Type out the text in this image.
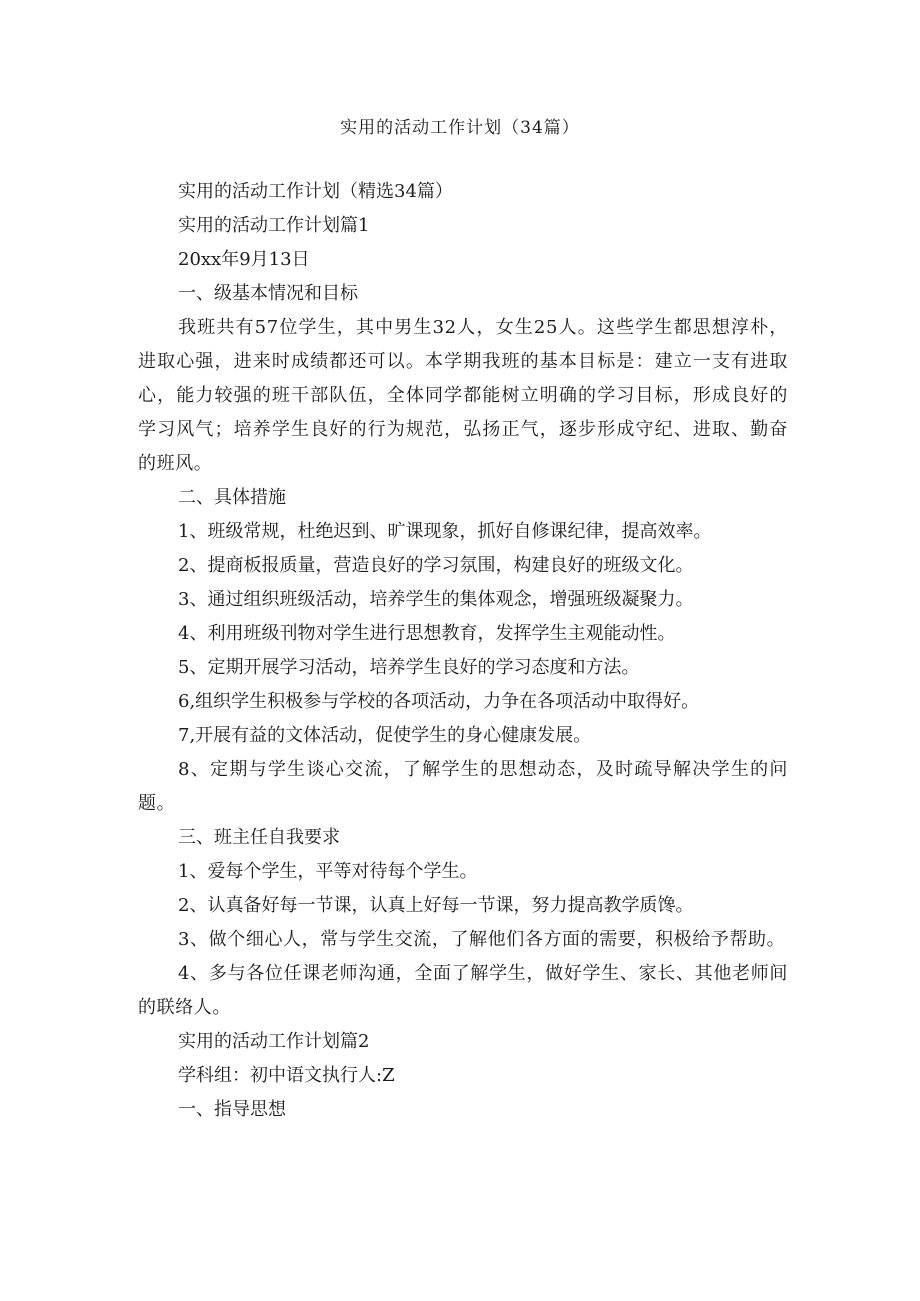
实用的活动工作计划（34篇）

实用的活动工作计划（精选34篇）

实用的活动工作计划篇1

20xx年9月13日

一、级基本情况和目标

我班共有57位学生，其中男生32人，女生25人。这些学生都思想淳朴，进取心强，进来时成绩都还可以。本学期我班的基本目标是：建立一支有进取心，能力较强的班干部队伍，全体同学都能树立明确的学习目标，形成良好的学习风气；培养学生良好的行为规范，弘扬正气，逐步形成守纪、进取、勤奋的班风。

二、具体措施

1、班级常规，杜绝迟到、旷课现象，抓好自修课纪律，提高效率。

2、提商板报质量，营造良好的学习氛围，构建良好的班级文化。

3、通过组织班级活动，培养学生的集体观念，增强班级凝聚力。

4、利用班级刊物对学生进行思想教育，发挥学生主观能动性。

5、定期开展学习活动，培养学生良好的学习态度和方法。

6,组织学生积极参与学校的各项活动，力争在各项活动中取得好。

7,开展有益的文体活动，促使学生的身心健康发展。

8、定期与学生谈心交流，了解学生的思想动态，及时疏导解决学生的问题。

三、班主任自我要求

1、爱每个学生，平等对待每个学生。

2、认真备好每一节课，认真上好每一节课，努力提高教学质馋。

3、做个细心人，常与学生交流，了解他们各方面的需要，积极给予帮助。

4、多与各位任课老师沟通，全面了解学生，做好学生、家长、其他老师间的联络人。

实用的活动工作计划篇2

学科组：初中语文执行人:Z

一、指导思想
